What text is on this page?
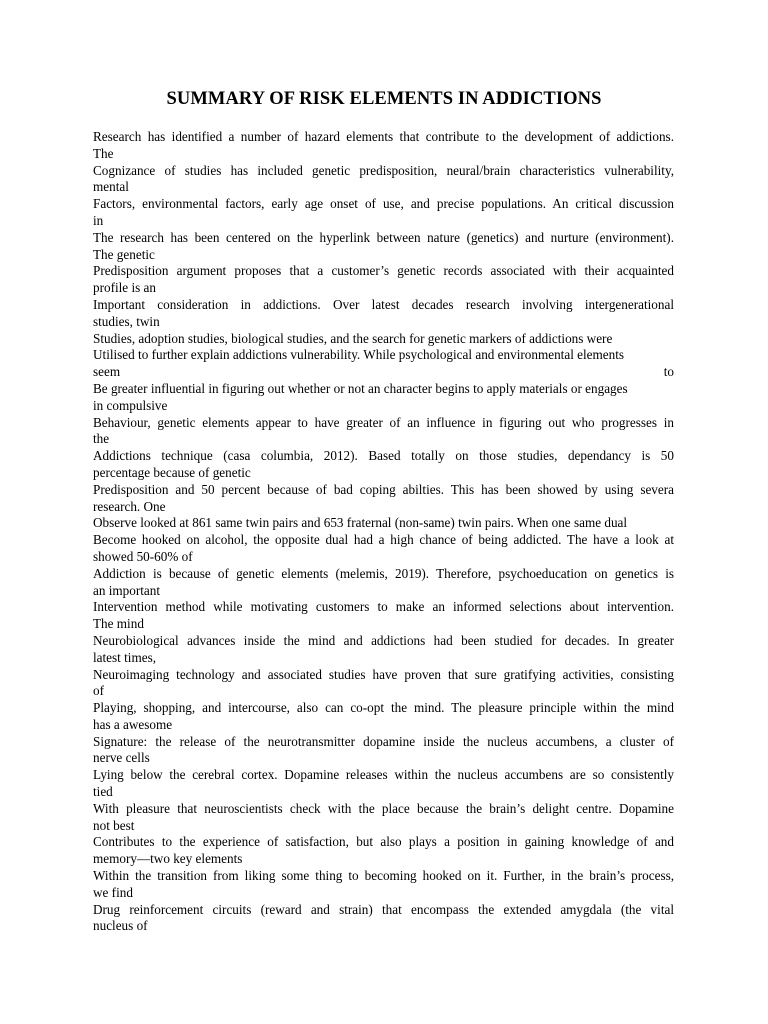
SUMMARY OF RISK ELEMENTS IN ADDICTIONS
Research has identified a number of hazard elements that contribute to the development of addictions.
The
Cognizance of studies has included genetic predisposition, neural/brain characteristics vulnerability,
mental
Factors, environmental factors, early age onset of use, and precise populations. An critical discussion
in
The research has been centered on the hyperlink between nature (genetics) and nurture (environment).
The genetic
Predisposition argument proposes that a customer’s genetic records associated with their acquainted
profile is an
Important consideration in addictions. Over latest decades research involving intergenerational
studies, twin
Studies, adoption studies, biological studies, and the search for genetic markers of addictions were
Utilised to further explain addictions vulnerability. While psychological and environmental elements
seem to
Be greater influential in figuring out whether or not an character begins to apply materials or engages
in compulsive
Behaviour, genetic elements appear to have greater of an influence in figuring out who progresses in
the
Addictions technique (casa columbia, 2012). Based totally on those studies, dependancy is 50
percentage because of genetic
Predisposition and 50 percent because of bad coping abilties. This has been showed by using severa
research. One
Observe looked at 861 same twin pairs and 653 fraternal (non-same) twin pairs. When one same dual
Become hooked on alcohol, the opposite dual had a high chance of being addicted. The have a look at
showed 50-60% of
Addiction is because of genetic elements (melemis, 2019). Therefore, psychoeducation on genetics is
an important
Intervention method while motivating customers to make an informed selections about intervention.
The mind
Neurobiological advances inside the mind and addictions had been studied for decades. In greater
latest times,
Neuroimaging technology and associated studies have proven that sure gratifying activities, consisting
of
Playing, shopping, and intercourse, also can co-opt the mind. The pleasure principle within the mind
has a awesome
Signature: the release of the neurotransmitter dopamine inside the nucleus accumbens, a cluster of
nerve cells
Lying below the cerebral cortex. Dopamine releases within the nucleus accumbens are so consistently
tied
With pleasure that neuroscientists check with the place because the brain’s delight centre. Dopamine
not best
Contributes to the experience of satisfaction, but also plays a position in gaining knowledge of and
memory—two key elements
Within the transition from liking some thing to becoming hooked on it. Further, in the brain’s process,
we find
Drug reinforcement circuits (reward and strain) that encompass the extended amygdala (the vital
nucleus of
